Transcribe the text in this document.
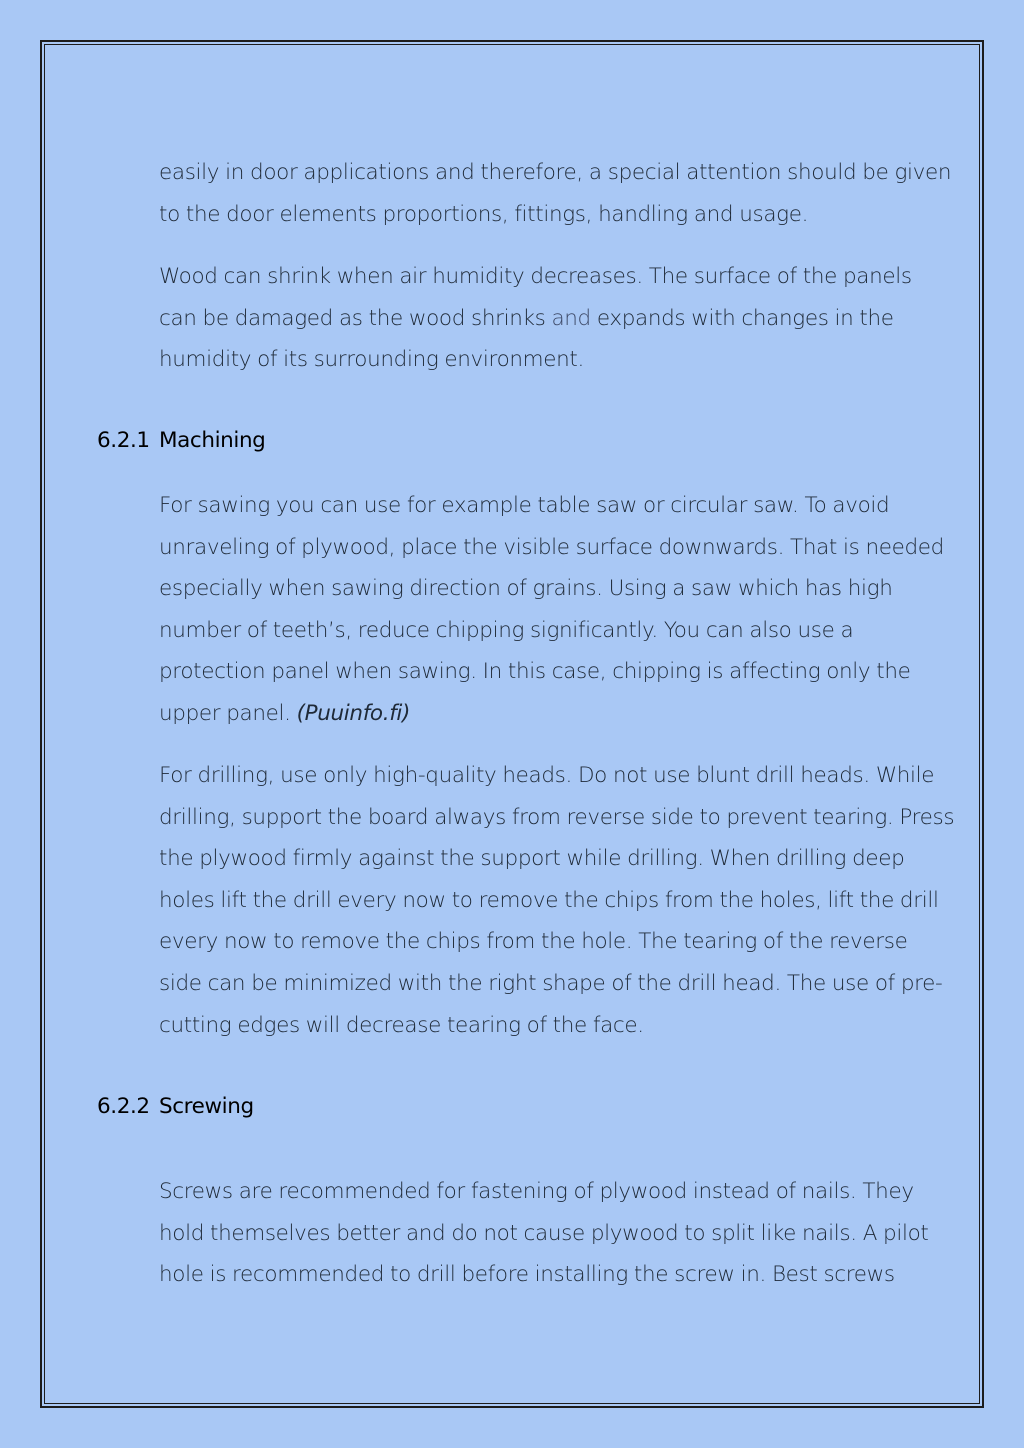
easily in door applications and therefore, a special attention should be given
to the door elements proportions, fittings, handling and usage.

Wood can shrink when air humidity decreases. The surface of the panels
can be damaged as the wood shrinks and expands with changes in the
humidity of its surrounding environment.

6.2.1 Machining

For sawing you can use for example table saw or circular saw. To avoid
unraveling of plywood, place the visible surface downwards. That is needed
especially when sawing direction of grains. Using a saw which has high
number of teeth’s, reduce chipping significantly. You can also use a
protection panel when sawing. In this case, chipping is affecting only the
upper panel. (Puuinfo.fi)

For drilling, use only high-quality heads. Do not use blunt drill heads. While
drilling, support the board always from reverse side to prevent tearing. Press
the plywood firmly against the support while drilling. When drilling deep
holes lift the drill every now to remove the chips from the holes, lift the drill
every now to remove the chips from the hole. The tearing of the reverse
side can be minimized with the right shape of the drill head. The use of pre-
cutting edges will decrease tearing of the face.

6.2.2 Screwing

Screws are recommended for fastening of plywood instead of nails. They
hold themselves better and do not cause plywood to split like nails. A pilot
hole is recommended to drill before installing the screw in. Best screws
